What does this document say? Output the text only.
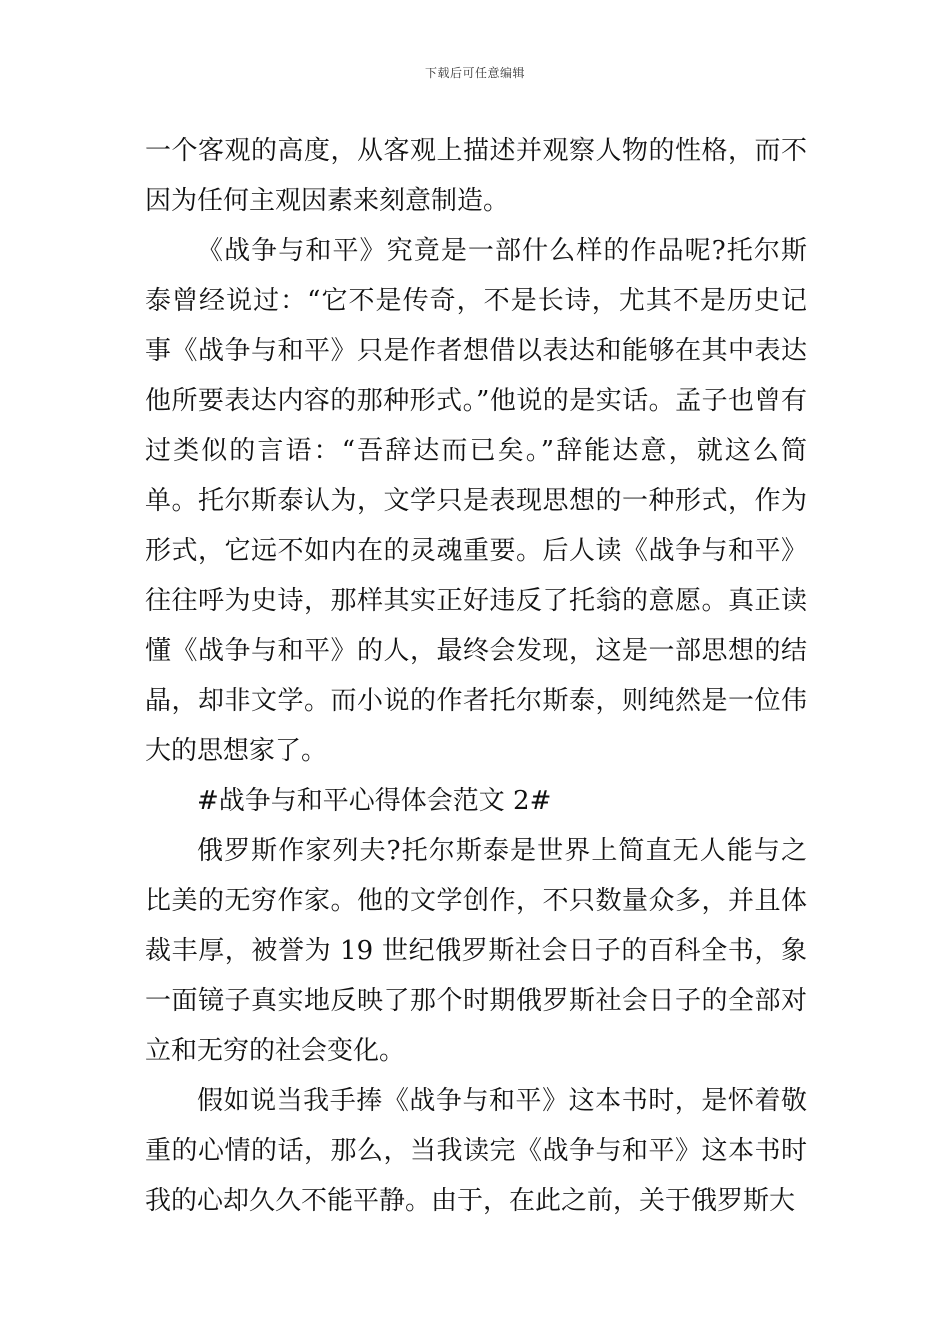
下载后可任意编辑

一个客观的高度，从客观上描述并观察人物的性格，而不因为任何主观因素来刻意制造。

《战争与和平》究竟是一部什么样的作品呢?托尔斯泰曾经说过：“它不是传奇，不是长诗，尤其不是历史记事《战争与和平》只是作者想借以表达和能够在其中表达他所要表达内容的那种形式。”他说的是实话。孟子也曾有过类似的言语：“吾辞达而已矣。”辞能达意，就这么简单。托尔斯泰认为，文学只是表现思想的一种形式，作为形式，它远不如内在的灵魂重要。后人读《战争与和平》往往呼为史诗，那样其实正好违反了托翁的意愿。真正读懂《战争与和平》的人，最终会发现，这是一部思想的结晶，却非文学。而小说的作者托尔斯泰，则纯然是一位伟大的思想家了。

#战争与和平心得体会范文 2#

俄罗斯作家列夫?托尔斯泰是世界上简直无人能与之比美的无穷作家。他的文学创作，不只数量众多，并且体裁丰厚，被誉为 19 世纪俄罗斯社会日子的百科全书，象一面镜子真实地反映了那个时期俄罗斯社会日子的全部对立和无穷的社会变化。

假如说当我手捧《战争与和平》这本书时，是怀着敬重的心情的话，那么，当我读完《战争与和平》这本书时我的心却久久不能平静。由于，在此之前，关于俄罗斯大
